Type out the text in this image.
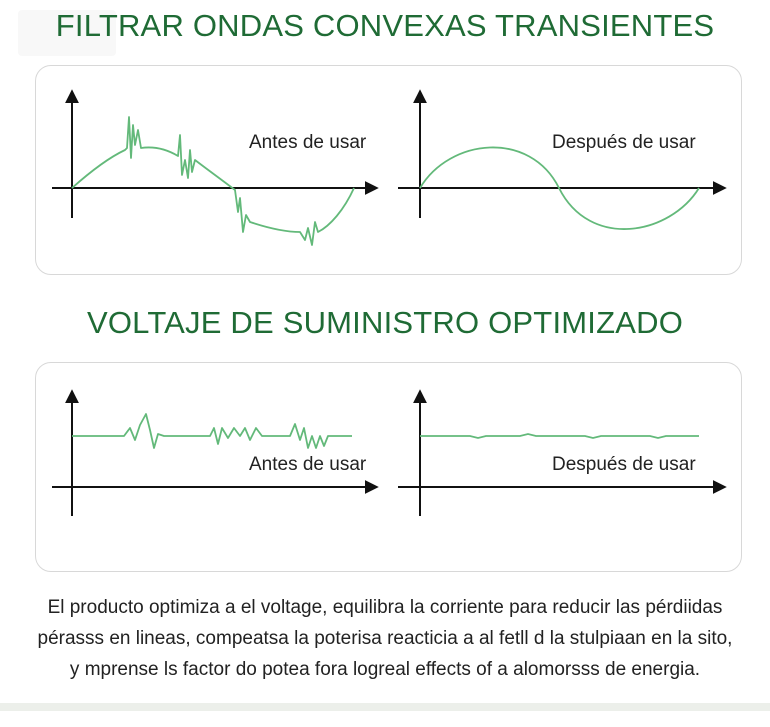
FILTRAR ONDAS CONVEXAS TRANSIENTES
VOLTAJE DE SUMINISTRO OPTIMIZADO
Antes de usar	Después de usar
Antes de usar	Después de usar
El producto optimiza a el voltage, equilibra la corriente para reducir las pérdiidas
pérasss en lineas, compeatsa la poterisa reacticia a al fetll d la stulpiaan en la sito,
y mprense ls factor do potea fora logreal effects of a alomorsss de energia.
